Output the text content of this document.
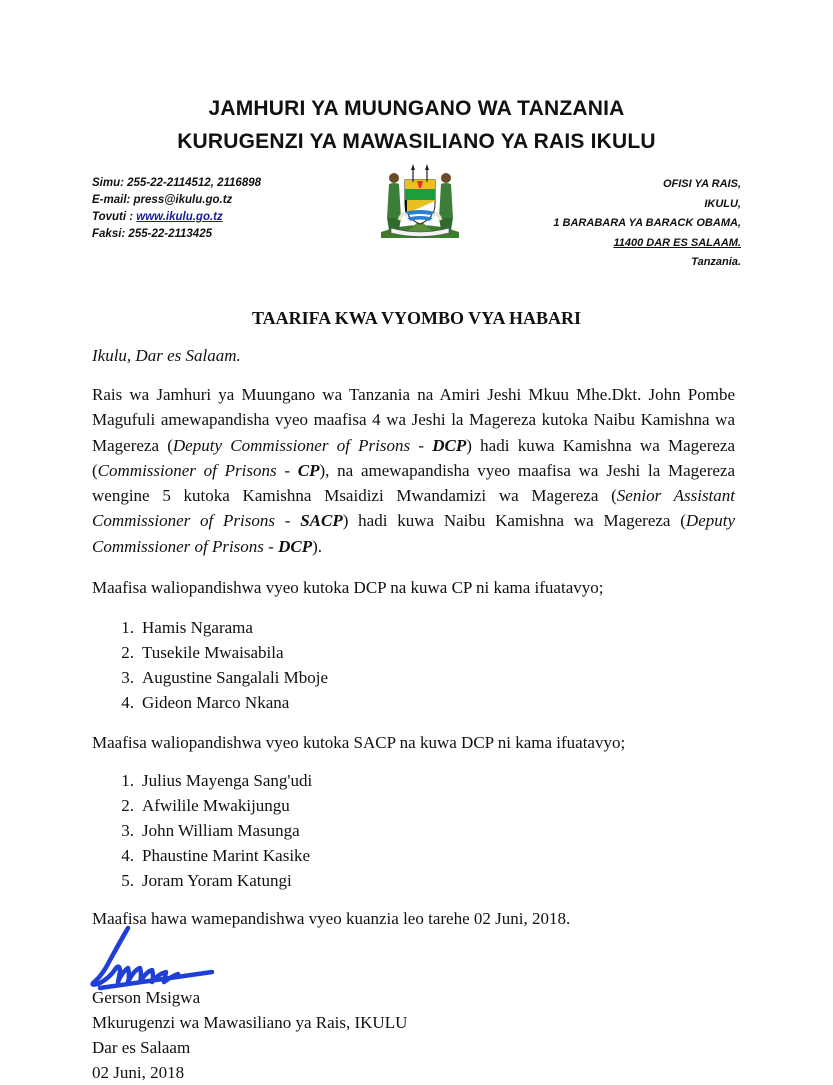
JAMHURI YA MUUNGANO WA TANZANIA
KURUGENZI YA MAWASILIANO YA RAIS IKULU
Simu: 255-22-2114512, 2116898
E-mail: press@ikulu.go.tz
Tovuti : www.ikulu.go.tz
Faksi: 255-22-2113425
OFISI YA RAIS,
IKULU,
1 BARABARA YA BARACK OBAMA,
11400 DAR ES SALAAM.
Tanzania.
TAARIFA KWA VYOMBO VYA HABARI

Ikulu, Dar es Salaam.

Rais wa Jamhuri ya Muungano wa Tanzania na Amiri Jeshi Mkuu Mhe.Dkt. John Pombe Magufuli amewapandisha vyeo maafisa 4 wa Jeshi la Magereza kutoka Naibu Kamishna wa Magereza (Deputy Commissioner of Prisons - DCP) hadi kuwa Kamishna wa Magereza (Commissioner of Prisons - CP), na amewapandisha vyeo maafisa wa Jeshi la Magereza wengine 5 kutoka Kamishna Msaidizi Mwandamizi wa Magereza (Senior Assistant Commissioner of Prisons - SACP) hadi kuwa Naibu Kamishna wa Magereza (Deputy Commissioner of Prisons - DCP).

Maafisa waliopandishwa vyeo kutoka DCP na kuwa CP ni kama ifuatavyo;

1. Hamis Ngarama
2. Tusekile Mwaisabila
3. Augustine Sangalali Mboje
4. Gideon Marco Nkana

Maafisa waliopandishwa vyeo kutoka SACP na kuwa DCP ni kama ifuatavyo;

1. Julius Mayenga Sang'udi
2. Afwilile Mwakijungu
3. John William Masunga
4. Phaustine Marint Kasike
5. Joram Yoram Katungi

Maafisa hawa wamepandishwa vyeo kuanzia leo tarehe 02 Juni, 2018.

Gerson Msigwa
Mkurugenzi wa Mawasiliano ya Rais, IKULU
Dar es Salaam
02 Juni, 2018
